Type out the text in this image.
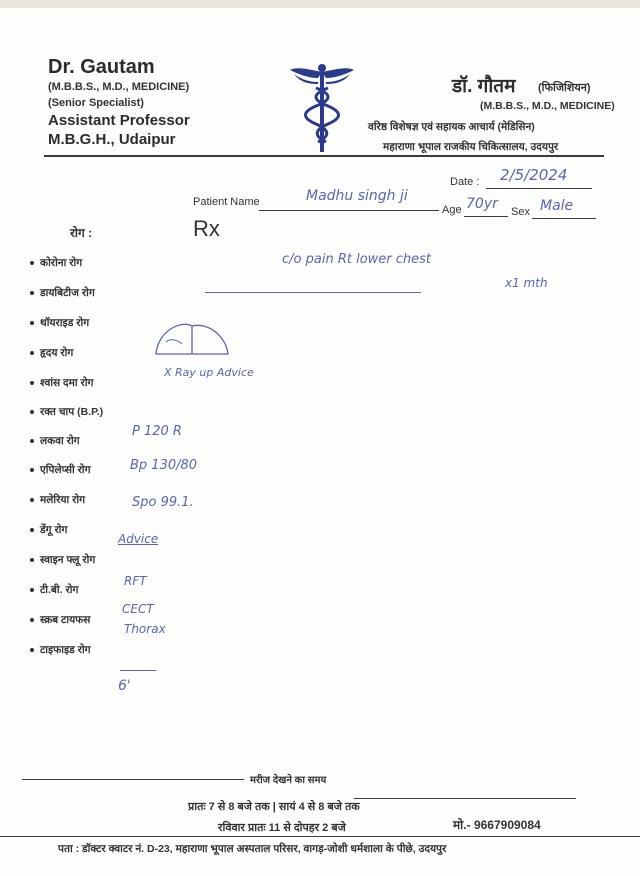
Dr. Gautam
(M.B.B.S., M.D., MEDICINE)
(Senior Specialist)
Assistant Professor
M.B.G.H., Udaipur
डॉ. गौतम (फिजिशियन)
(M.B.B.S., M.D., MEDICINE)
वरिष्ठ विशेषज्ञ एवं सहायक आचार्य (मेडिसिन)
महाराणा भूपाल राजकीय चिकित्सालय, उदयपुर
Date : 2/5/2024
Patient Name	Madhu singh ji
Age 70yr Sex Male
Rx
रोग :
कोरोना रोग
डायबिटीज रोग
थॉयराइड रोग
हृदय रोग
श्वांस दमा रोग
रक्त चाप (B.P.)
लकवा रोग
एपिलेप्सी रोग
मलेरिया रोग
डेंगू रोग
स्वाइन फ्लू रोग
टी.बी. रोग
स्क्रब टायफस
टाइफाइड रोग
c/o pain Rt lower chest
x1 mth
X Ray up Advice
P 120 R
Bp 130/80
Spo 99.1.
Advice
RFT
CECT
Thorax
6'
मरीज देखने का समय
प्रातः 7 से 8 बजे तक | सायं 4 से 8 बजे तक
रविवार प्रातः 11 से दोपहर 2 बजे	मो.- 9667909084
पता : डॉक्टर क्वाटर नं. D-23, महाराणा भूपाल अस्पताल परिसर, वागड़-जोशी धर्मशाला के पीछे, उदयपुर
